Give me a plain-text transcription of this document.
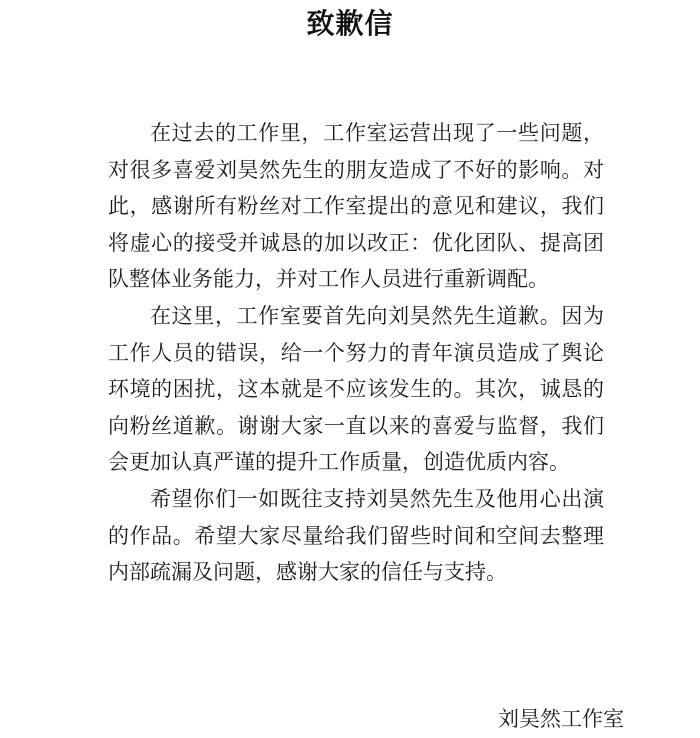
致歉信

在过去的工作里，工作室运营出现了一些问题，对很多喜爱刘昊然先生的朋友造成了不好的影响。对此，感谢所有粉丝对工作室提出的意见和建议，我们将虚心的接受并诚恳的加以改正：优化团队、提高团队整体业务能力，并对工作人员进行重新调配。

在这里，工作室要首先向刘昊然先生道歉。因为工作人员的错误，给一个努力的青年演员造成了舆论环境的困扰，这本就是不应该发生的。其次，诚恳的向粉丝道歉。谢谢大家一直以来的喜爱与监督，我们会更加认真严谨的提升工作质量，创造优质内容。

希望你们一如既往支持刘昊然先生及他用心出演的作品。希望大家尽量给我们留些时间和空间去整理内部疏漏及问题，感谢大家的信任与支持。

刘昊然工作室
